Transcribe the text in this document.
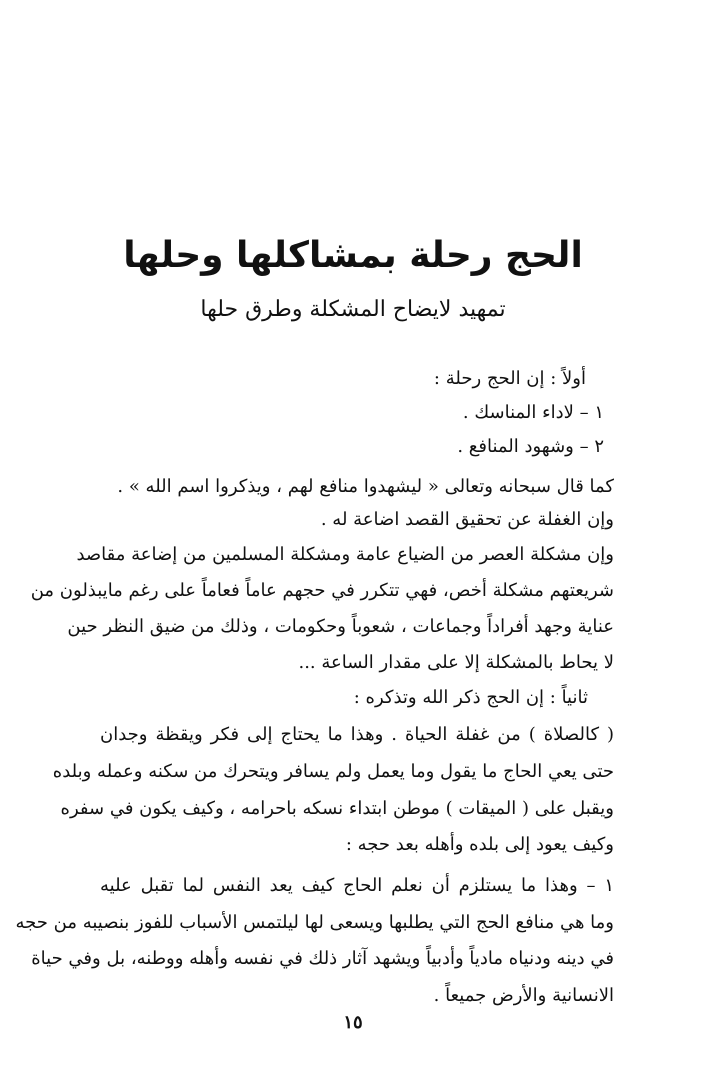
الحج رحلة بمشاكلها وحلها
تمهيد لايضاح المشكلة وطرق حلها
أولاً : إن الحج رحلة :
١ – لاداء المناسك .
٢ – وشهود المنافع .
كما قال سبحانه وتعالى « ليشهدوا منافع لهم ، ويذكروا اسم الله » .
وإن الغفلة عن تحقيق القصد اضاعة له .
وإن مشكلة العصر من الضياع عامة ومشكلة المسلمين من إضاعة مقاصد
شريعتهم مشكلة أخص، فهي تتكرر في حجهم عاماً فعاماً على رغم مايبذلون من
عناية وجهد أفراداً وجماعات ، شعوباً وحكومات ، وذلك من ضيق النظر حين
لا يحاط بالمشكلة إلا على مقدار الساعة ...
ثانياً : إن الحج ذكر الله وتذكره :
( كالصلاة ) من غفلة الحياة . وهذا ما يحتاج إلى فكر ويقظة وجدان
حتى يعي الحاج ما يقول وما يعمل ولم يسافر ويتحرك من سكنه وعمله وبلده
ويقبل على ( الميقات ) موطن ابتداء نسكه باحرامه ، وكيف يكون في سفره
وكيف يعود إلى بلده وأهله بعد حجه :
١ – وهذا ما يستلزم أن نعلم الحاج كيف يعد النفس لما تقبل عليه
وما هي منافع الحج التي يطلبها ويسعى لها ليلتمس الأسباب للفوز بنصيبه من حجه
في دينه ودنياه مادياً وأدبياً ويشهد آثار ذلك في نفسه وأهله ووطنه، بل وفي حياة
الانسانية والأرض جميعاً .
١٥
